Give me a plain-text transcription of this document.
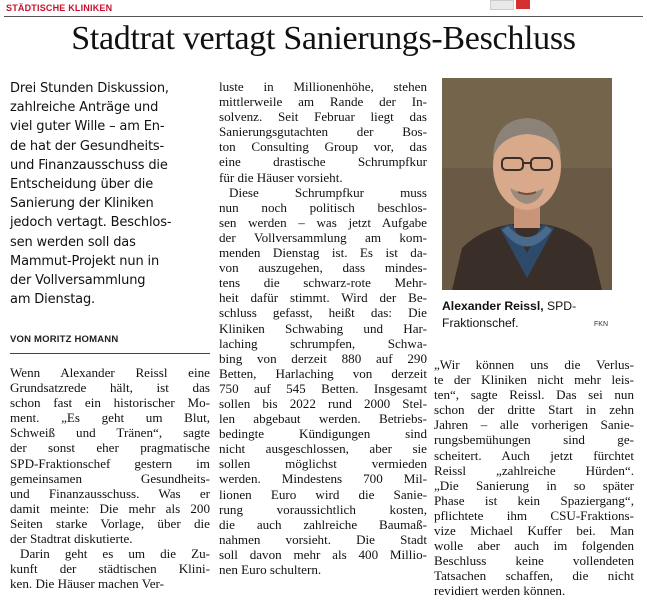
STÄDTISCHE KLINIKEN
Stadtrat vertagt Sanierungs-Beschluss
Drei Stunden Diskussion,
zahlreiche Anträge und
viel guter Wille – am En-
de hat der Gesundheits-
und Finanzausschuss die
Entscheidung über die
Sanierung der Kliniken
jedoch vertagt. Beschlos-
sen werden soll das
Mammut-Projekt nun in
der Vollversammlung
am Dienstag.
VON MORITZ HOMANN
Wenn Alexander Reissl eine
Grundsatzrede hält, ist das
schon fast ein historischer Mo-
ment. „Es geht um Blut,
Schweiß und Tränen“, sagte
der sonst eher pragmatische
SPD-Fraktionschef gestern im
gemeinsamen Gesundheits-
und Finanzausschuss. Was er
damit meinte: Die mehr als 200
Seiten starke Vorlage, über die
der Stadtrat diskutierte.
Darin geht es um die Zu-
kunft der städtischen Klini-
ken. Die Häuser machen Ver-
luste in Millionenhöhe, stehen
mittlerweile am Rande der In-
solvenz. Seit Februar liegt das
Sanierungsgutachten der Bos-
ton Consulting Group vor, das
eine drastische Schrumpfkur
für die Häuser vorsieht.
Diese Schrumpfkur muss
nun noch politisch beschlos-
sen werden – was jetzt Aufgabe
der Vollversammlung am kom-
menden Dienstag ist. Es ist da-
von auszugehen, dass mindes-
tens die schwarz-rote Mehr-
heit dafür stimmt. Wird der Be-
schluss gefasst, heißt das: Die
Kliniken Schwabing und Har-
laching schrumpfen, Schwa-
bing von derzeit 880 auf 290
Betten, Harlaching von derzeit
750 auf 545 Betten. Insgesamt
sollen bis 2022 rund 2000 Stel-
len abgebaut werden. Betriebs-
bedingte Kündigungen sind
nicht ausgeschlossen, aber sie
sollen möglichst vermieden
werden. Mindestens 700 Mil-
lionen Euro wird die Sanie-
rung voraussichtlich kosten,
die auch zahlreiche Baumaß-
nahmen vorsieht. Die Stadt
soll davon mehr als 400 Millio-
nen Euro schultern.
„Wir können uns die Verlus-
te der Kliniken nicht mehr leis-
ten“, sagte Reissl. Das sei nun
schon der dritte Start in zehn
Jahren – alle vorherigen Sanie-
rungsbemühungen sind ge-
scheitert. Auch jetzt fürchtet
Reissl „zahlreiche Hürden“.
„Die Sanierung in so später
Phase ist kein Spaziergang“,
pflichtete ihm CSU-Fraktions-
vize Michael Kuffer bei. Man
wolle aber auch im folgenden
Beschluss keine vollendeten
Tatsachen schaffen, die nicht
revidiert werden können.
Alexander Reissl, SPD-
Fraktionschef.	FKN
